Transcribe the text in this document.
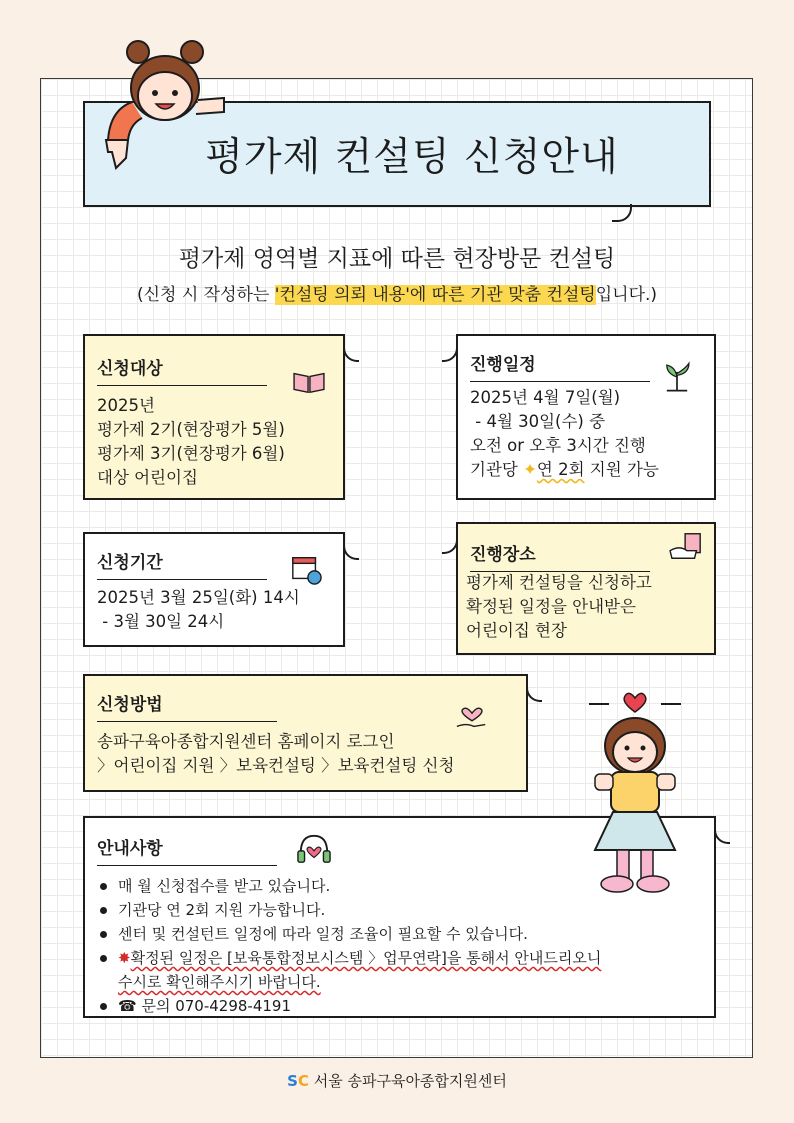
평가제 컨설팅 신청안내
평가제 영역별 지표에 따른 현장방문 컨설팅
(신청 시 작성하는 '컨설팅 의뢰 내용'에 따른 기관 맞춤 컨설팅입니다.)
신청대상
2025년
평가제 2기(현장평가 5월)
평가제 3기(현장평가 6월)
대상 어린이집
진행일정
2025년 4월 7일(월)
- 4월 30일(수) 중
오전 or 오후 3시간 진행
기관당 ✦연 2회 지원 가능
신청기간
2025년 3월 25일(화) 14시
- 3월 30일 24시
진행장소
평가제 컨설팅을 신청하고
확정된 일정을 안내받은
어린이집 현장
신청방법
송파구육아종합지원센터 홈페이지 로그인
〉어린이집 지원 〉보육컨설팅 〉보육컨설팅 신청
안내사항
매 월 신청접수를 받고 있습니다.
기관당 연 2회 지원 가능합니다.
센터 및 컨설턴트 일정에 따라 일정 조율이 필요할 수 있습니다.
✸확정된 일정은 [보육통합정보시스템 〉업무연락]을 통해서 안내드리오니
수시로 확인해주시기 바랍니다.
☎ 문의 070-4298-4191
SC 서울 송파구육아종합지원센터
